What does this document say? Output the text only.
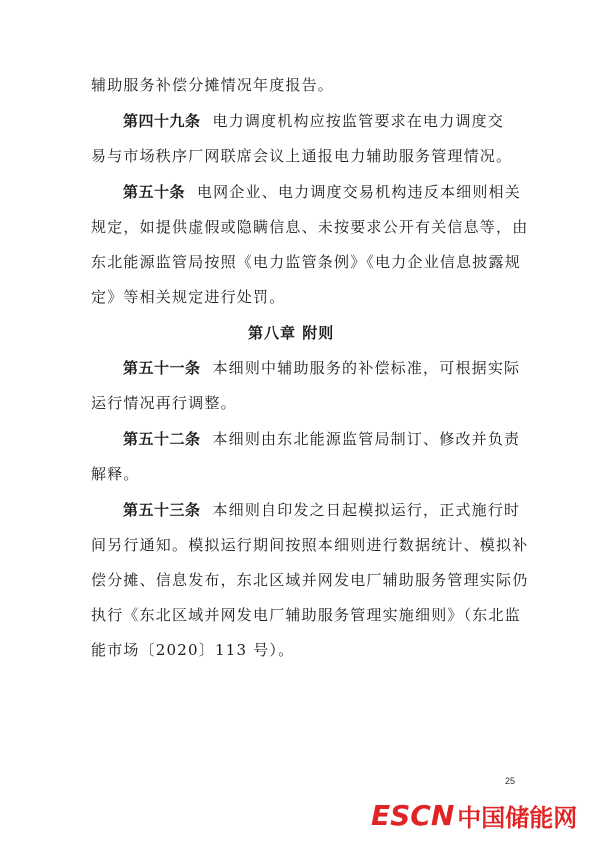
辅助服务补偿分摊情况年度报告。
第四十九条 电力调度机构应按监管要求在电力调度交
易与市场秩序厂网联席会议上通报电力辅助服务管理情况。
第五十条 电网企业、电力调度交易机构违反本细则相关
规定，如提供虚假或隐瞒信息、未按要求公开有关信息等，由
东北能源监管局按照《电力监管条例》《电力企业信息披露规
定》等相关规定进行处罚。
第八章 附则
第五十一条 本细则中辅助服务的补偿标准，可根据实际
运行情况再行调整。
第五十二条 本细则由东北能源监管局制订、修改并负责
解释。
第五十三条 本细则自印发之日起模拟运行，正式施行时
间另行通知。模拟运行期间按照本细则进行数据统计、模拟补
偿分摊、信息发布，东北区域并网发电厂辅助服务管理实际仍
执行《东北区域并网发电厂辅助服务管理实施细则》（东北监
能市场〔2020〕113 号）。
25
ESCN 中国储能网
